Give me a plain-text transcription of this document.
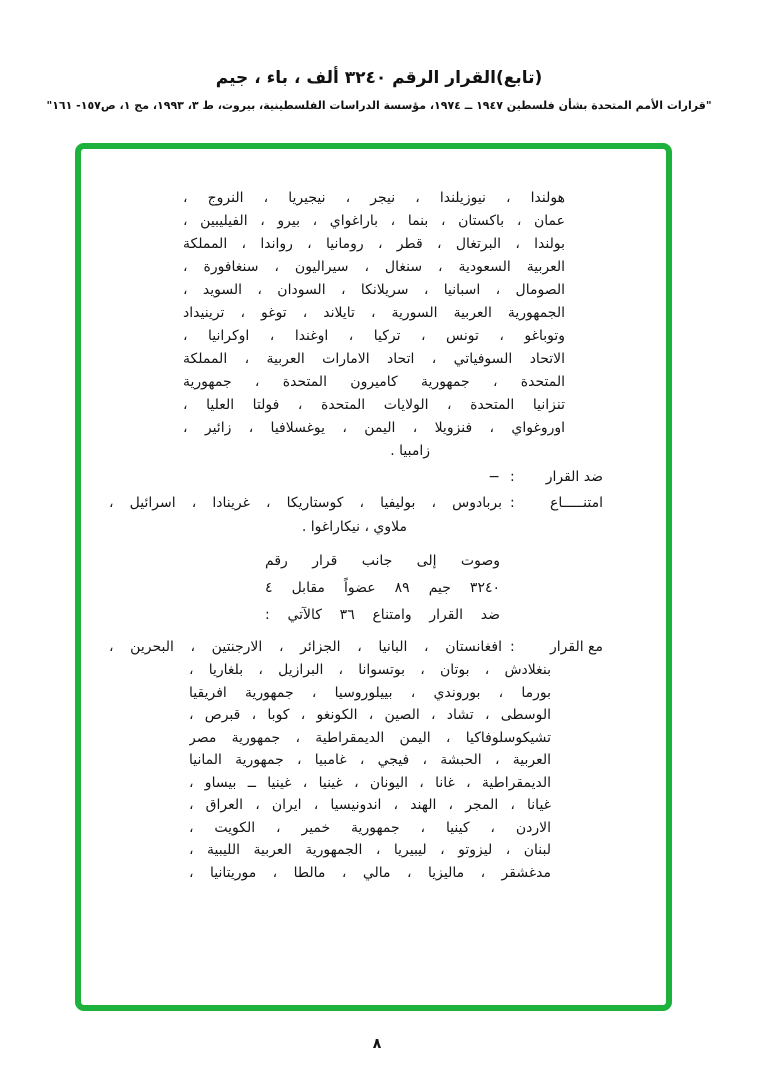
(تابع)القرار الرقم ٣٢٤٠ ألف ، باء ، جيم
"قرارات الأمم المتحدة بشأن فلسطين ١٩٤٧ ــ ١٩٧٤، مؤسسة الدراسات الفلسطينية، بيروت، ط ٣، ١٩٩٣، مج ١، ص١٥٧- ١٦١"
هولندا ، نيوزيلندا ، نيجر ، نيجيريا ، النروج ،
عمان ، باكستان ، بنما ، باراغواي ، بيرو ، الفيليبين ،
بولندا ، البرتغال ، قطر ، رومانيا ، رواندا ، المملكة
العربية السعودية ، سنغال ، سيراليون ، سنغافورة ،
الصومال ، اسبانيا ، سريلانكا ، السودان ، السويد ،
الجمهورية العربية السورية ، تايلاند ، توغو ، ترينيداد
وتوباغو ، تونس ، تركيا ، اوغندا ، اوكرانيا ،
الاتحاد السوفياتي ، اتحاد الامارات العربية ، المملكة
المتحدة ، جمهورية كاميرون المتحدة ، جمهورية
تنزانيا المتحدة ، الولايات المتحدة ، فولتا العليا ،
اوروغواي ، فنزويلا ، اليمن ، يوغسلافيا ، زائير ،
زامبيا .
ضد القرار
:
−
امتنـــــاع
:
بربادوس ، بوليفيا ، كوستاريكا ، غرينادا ، اسرائيل ،
ملاوي ، نيكاراغوا .
وصوت إلى جانب قرار رقم
٣٢٤٠ جيم ٨٩ عضواً مقابل ٤
ضد القرار وامتناع ٣٦ كالآتي :
مع القرار
:
افغانستان ، البانيا ، الجزائر ، الارجنتين ، البحرين ،
بنغلادش ، بوتان ، بوتسوانا ، البرازيل ، بلغاريا ،
بورما ، بوروندي ، بييلوروسيا ، جمهورية افريقيا
الوسطى ، تشاد ، الصين ، الكونغو ، كوبا ، قبرص ،
تشيكوسلوفاكيا ، اليمن الديمقراطية ، جمهورية مصر
العربية ، الحبشة ، فيجي ، غامبيا ، جمهورية المانيا
الديمقراطية ، غانا ، اليونان ، غينيا ، غينيا ــ بيساو ،
غيانا ، المجر ، الهند ، اندونيسيا ، ايران ، العراق ،
الاردن ، كينيا ، جمهورية خمير ، الكويت ،
لبنان ، ليزوتو ، ليبيريا ، الجمهورية العربية الليبية ،
مدغشقر ، ماليزيا ، مالي ، مالطا ، موريتانيا ،
٨
